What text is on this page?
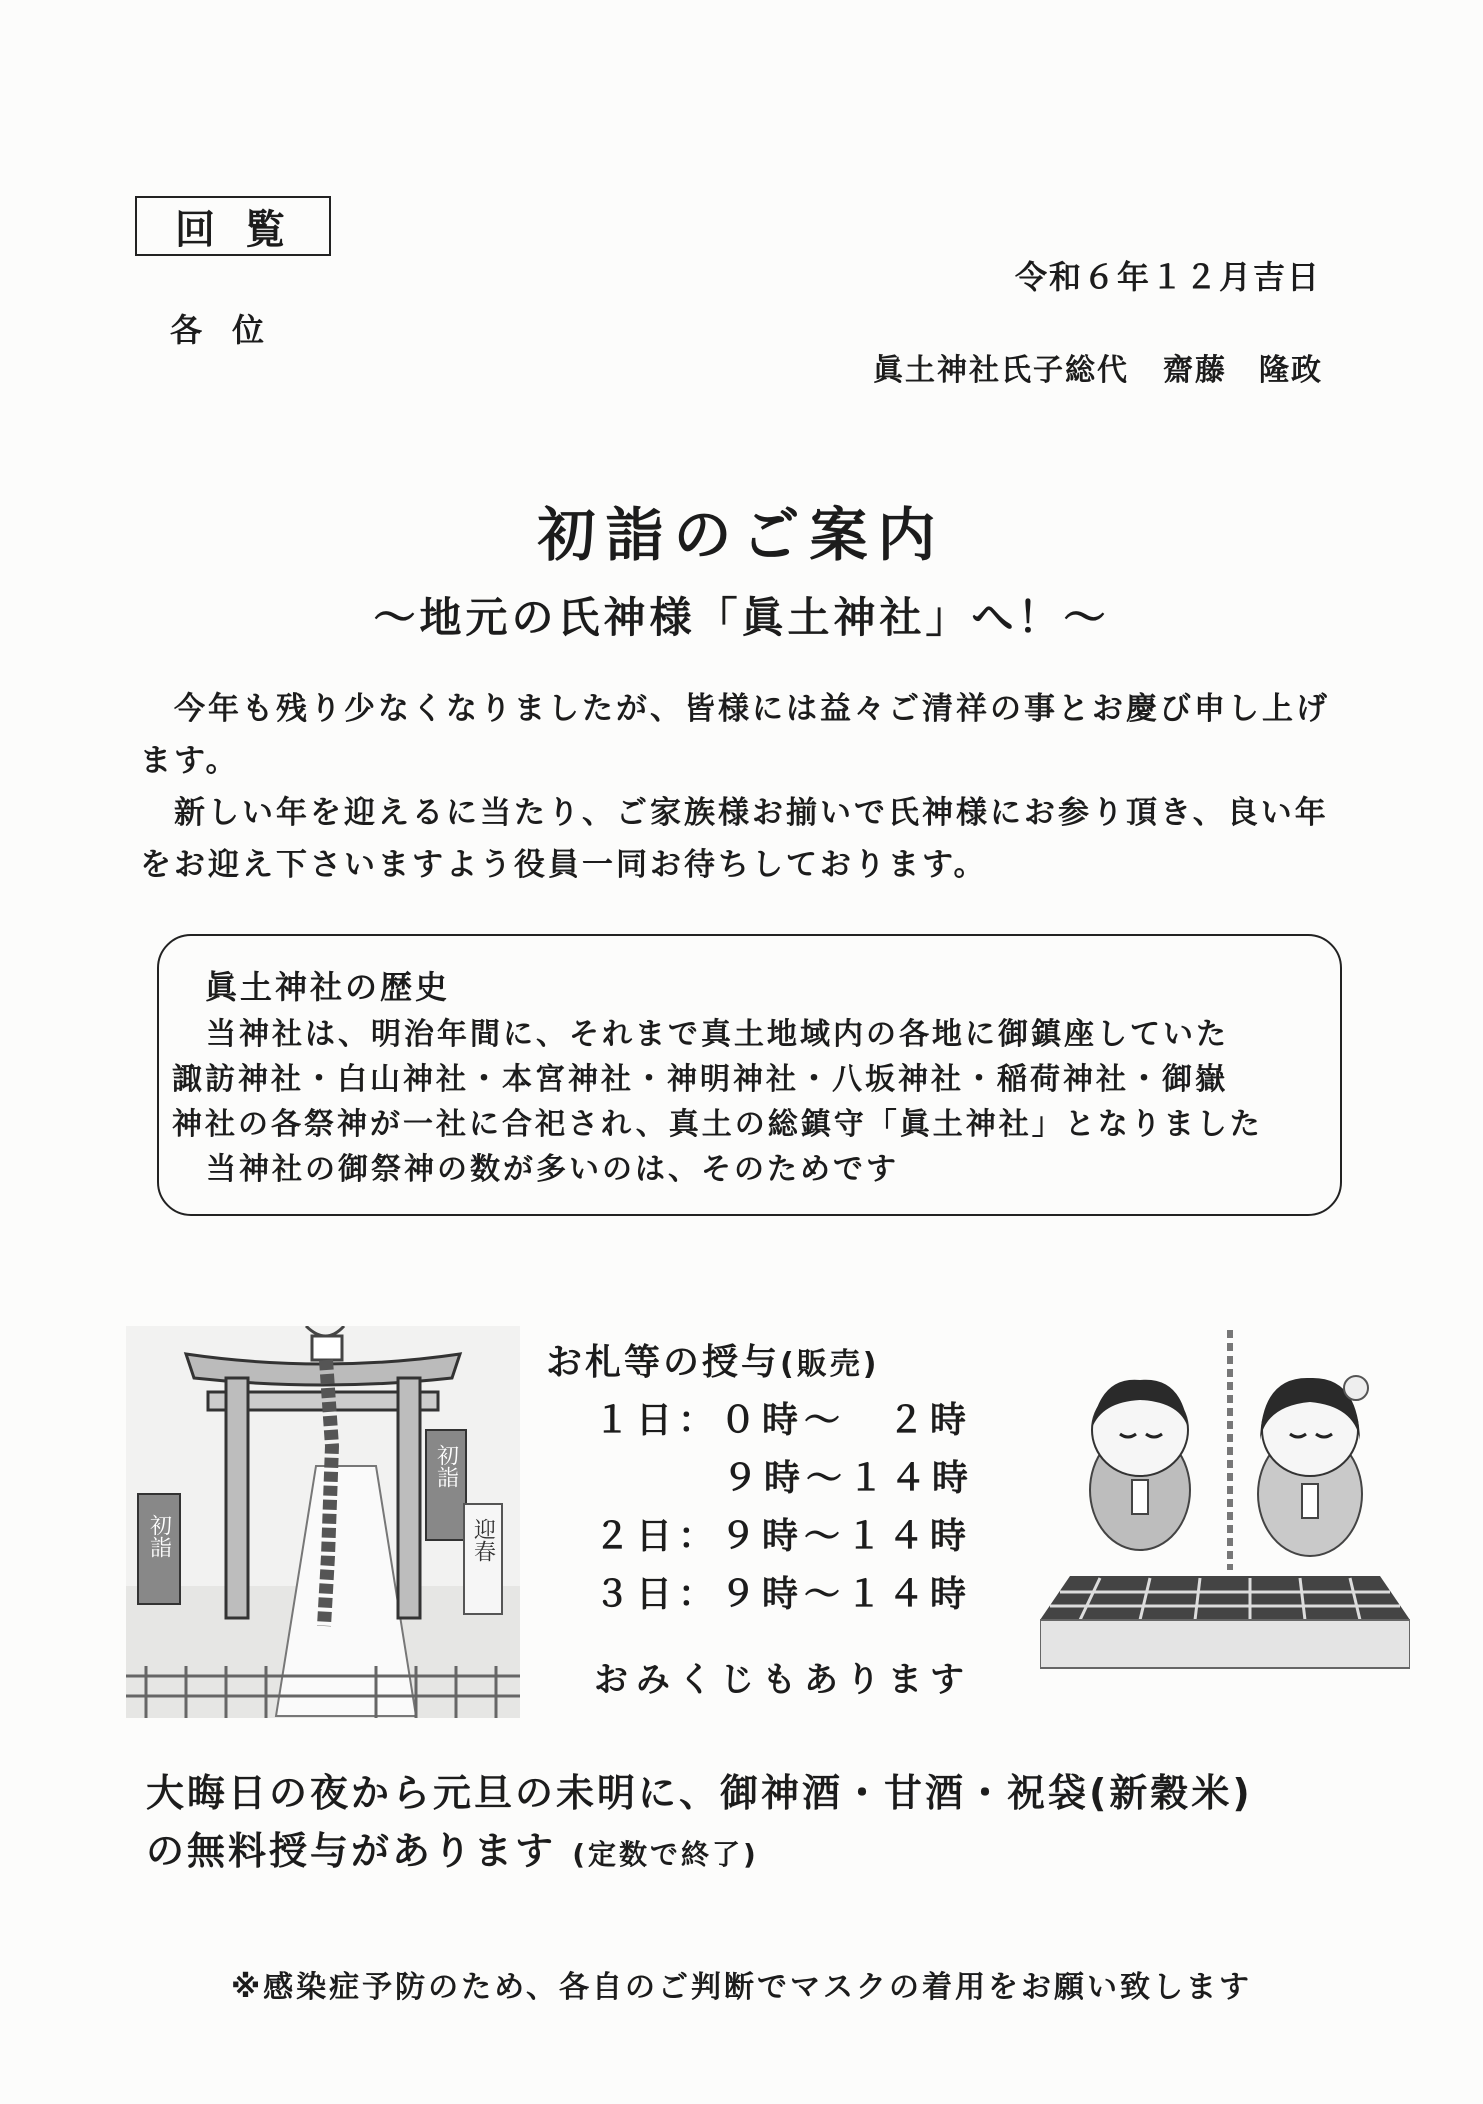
回覧
令和６年１２月吉日
各位
眞土神社氏子総代 齋藤　隆政
初詣のご案内
～地元の氏神様「眞土神社」へ！～
今年も残り少なくなりましたが、皆様には益々ご清祥の事とお慶び申し上げます。
新しい年を迎えるに当たり、ご家族様お揃いで氏神様にお参り頂き、良い年をお迎え下さいますよう役員一同お待ちしております。
眞土神社の歴史
当神社は、明治年間に、それまで真土地域内の各地に御鎮座していた
諏訪神社・白山神社・本宮神社・神明神社・八坂神社・稲荷神社・御嶽
神社の各祭神が一社に合祀され、真土の総鎮守「眞土神社」となりました
当神社の御祭神の数が多いのは、そのためです
初詣
初詣
迎春
お札等の授与(販売)
１日：０時～　２時
９時～１４時
２日：９時～１４時
３日：９時～１４時
おみくじもあります
大晦日の夜から元旦の未明に、御神酒・甘酒・祝袋(新穀米)
の無料授与があります (定数で終了)
※感染症予防のため、各自のご判断でマスクの着用をお願い致します
